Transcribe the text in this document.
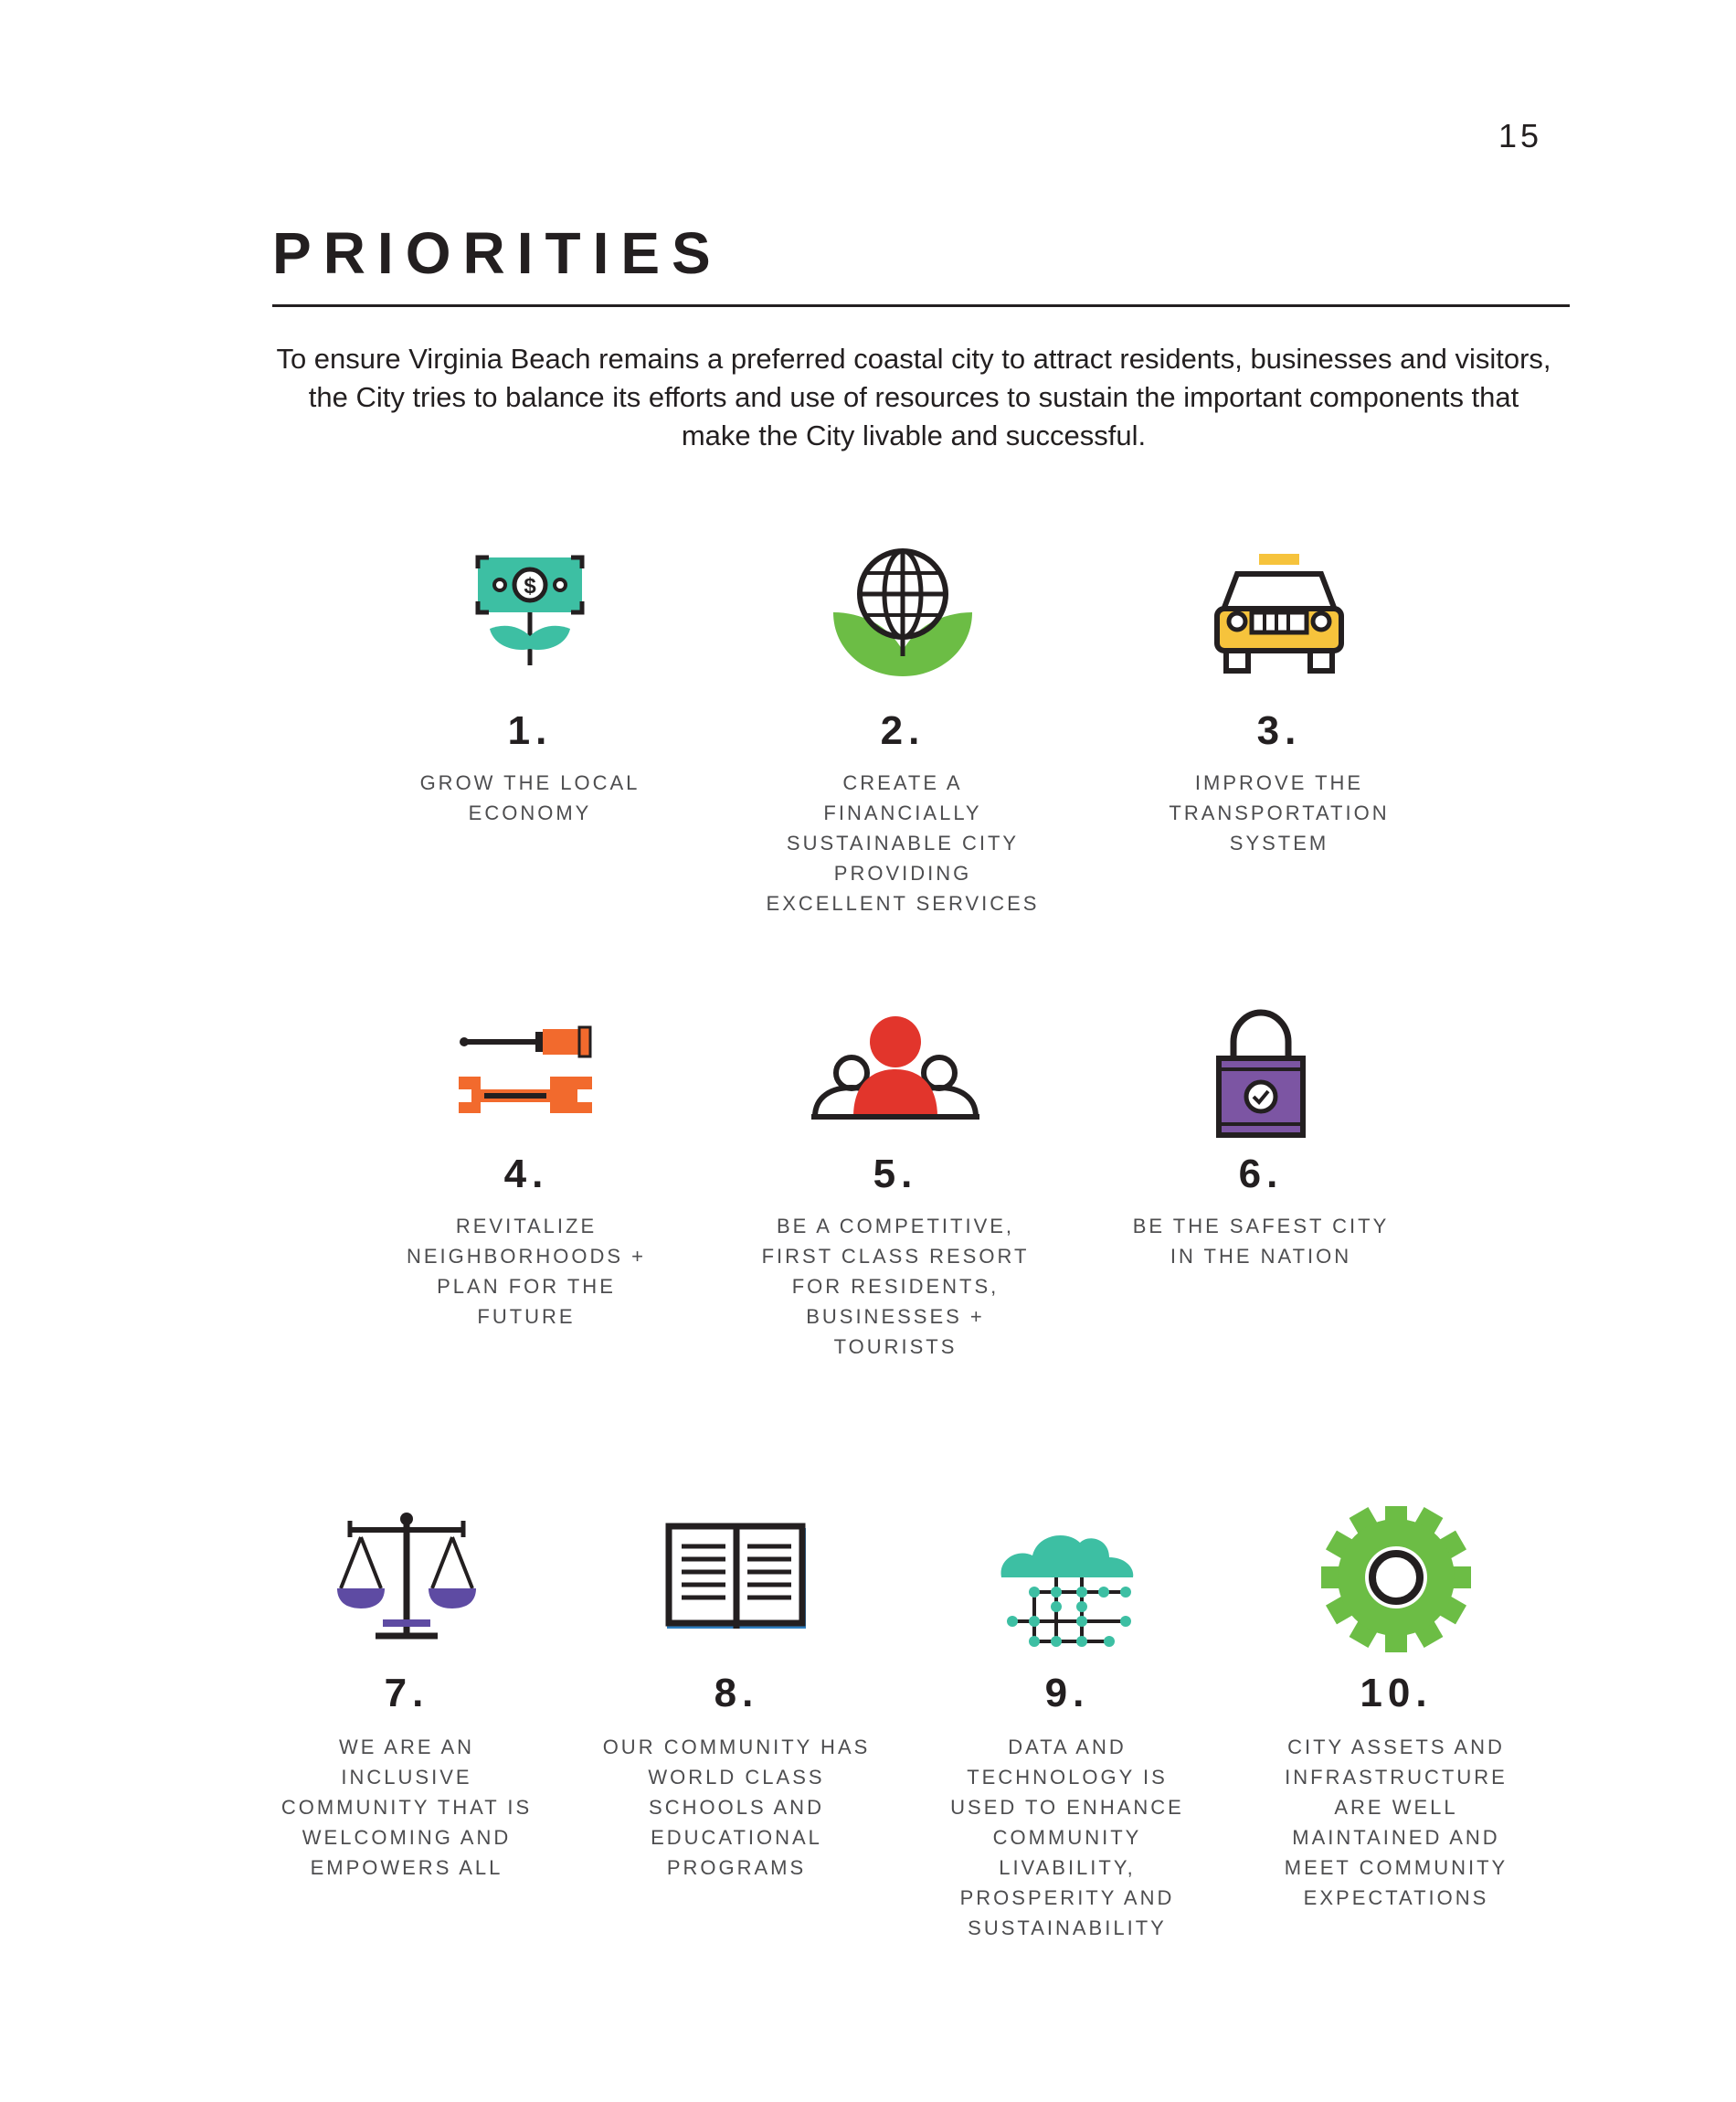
15
PRIORITIES

To ensure Virginia Beach remains a preferred coastal city to attract residents, businesses and visitors, the City tries to balance its efforts and use of resources to sustain the important components that make the City livable and successful.

$
1.
GROW THE LOCAL ECONOMY
2.
CREATE A FINANCIALLY SUSTAINABLE CITY PROVIDING EXCELLENT SERVICES
3.
IMPROVE THE TRANSPORTATION SYSTEM
4.
REVITALIZE NEIGHBORHOODS + PLAN FOR THE FUTURE
5.
BE A COMPETITIVE, FIRST CLASS RESORT FOR RESIDENTS, BUSINESSES + TOURISTS
6.
BE THE SAFEST CITY IN THE NATION
7.
WE ARE AN INCLUSIVE COMMUNITY THAT IS WELCOMING AND EMPOWERS ALL
8.
OUR COMMUNITY HAS WORLD CLASS SCHOOLS AND EDUCATIONAL PROGRAMS
9.
DATA AND TECHNOLOGY IS USED TO ENHANCE COMMUNITY LIVABILITY, PROSPERITY AND SUSTAINABILITY
10.
CITY ASSETS AND INFRASTRUCTURE ARE WELL MAINTAINED AND MEET COMMUNITY EXPECTATIONS
